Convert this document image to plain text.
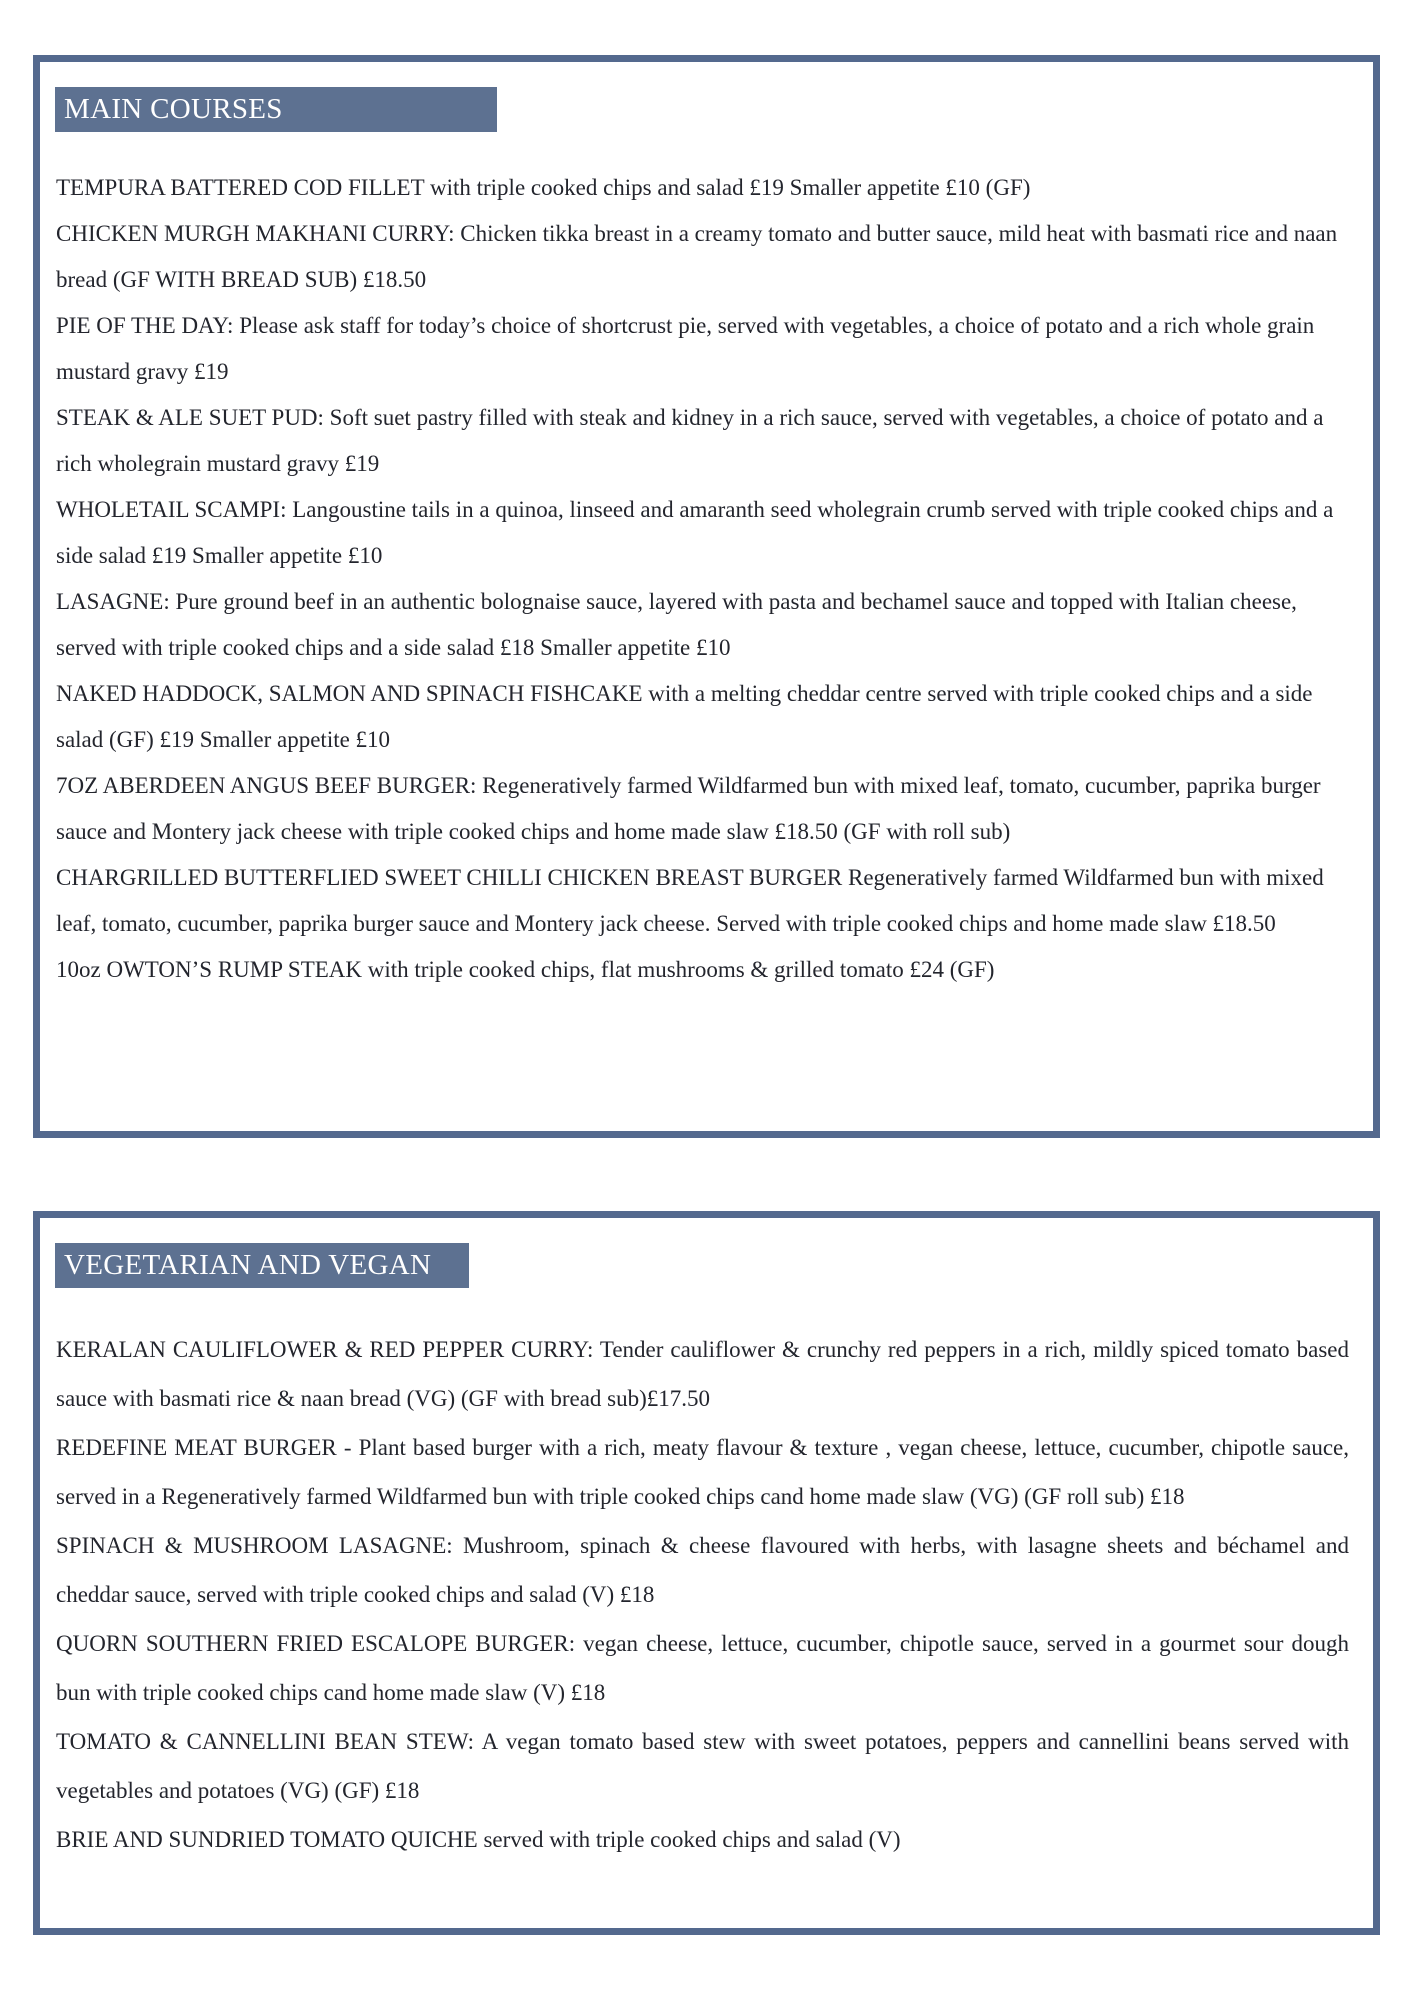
MAIN COURSES

TEMPURA BATTERED COD FILLET with triple cooked chips and salad £19 Smaller appetite £10 (GF)

CHICKEN MURGH MAKHANI CURRY: Chicken tikka breast in a creamy tomato and butter sauce, mild heat with basmati rice and naan bread (GF WITH BREAD SUB) £18.50

PIE OF THE DAY: Please ask staff for today’s choice of shortcrust pie, served with vegetables, a choice of potato and a rich whole grain mustard gravy £19

STEAK & ALE SUET PUD: Soft suet pastry filled with steak and kidney in a rich sauce, served with vegetables, a choice of potato and a rich wholegrain mustard gravy £19

WHOLETAIL SCAMPI: Langoustine tails in a quinoa, linseed and amaranth seed wholegrain crumb served with triple cooked chips and a side salad £19 Smaller appetite £10

LASAGNE: Pure ground beef in an authentic bolognaise sauce, layered with pasta and bechamel sauce and topped with Italian cheese, served with triple cooked chips and a side salad £18 Smaller appetite £10

NAKED HADDOCK, SALMON AND SPINACH FISHCAKE with a melting cheddar centre served with triple cooked chips and a side salad (GF) £19 Smaller appetite £10

7OZ ABERDEEN ANGUS BEEF BURGER: Regeneratively farmed Wildfarmed bun with mixed leaf, tomato, cucumber, paprika burger sauce and Montery jack cheese with triple cooked chips and home made slaw £18.50 (GF with roll sub)

CHARGRILLED BUTTERFLIED SWEET CHILLI CHICKEN BREAST BURGER Regeneratively farmed Wildfarmed bun with mixed leaf, tomato, cucumber, paprika burger sauce and Montery jack cheese. Served with triple cooked chips and home made slaw £18.50

10oz OWTON’S RUMP STEAK with triple cooked chips, flat mushrooms & grilled tomato £24 (GF)

VEGETARIAN AND VEGAN

KERALAN CAULIFLOWER & RED PEPPER CURRY: Tender cauliflower & crunchy red peppers in a rich, mildly spiced tomato based sauce with basmati rice & naan bread (VG) (GF with bread sub)£17.50

REDEFINE MEAT BURGER - Plant based burger with a rich, meaty flavour & texture , vegan cheese, lettuce, cucumber, chipotle sauce, served in a Regeneratively farmed Wildfarmed bun with triple cooked chips cand home made slaw (VG) (GF roll sub) £18

SPINACH & MUSHROOM LASAGNE: Mushroom, spinach & cheese flavoured with herbs, with lasagne sheets and béchamel and cheddar sauce, served with triple cooked chips and salad (V) £18

QUORN SOUTHERN FRIED ESCALOPE BURGER: vegan cheese, lettuce, cucumber, chipotle sauce, served in a gourmet sour dough bun with triple cooked chips cand home made slaw (V) £18

TOMATO & CANNELLINI BEAN STEW: A vegan tomato based stew with sweet potatoes, peppers and cannellini beans served with vegetables and potatoes (VG) (GF) £18

BRIE AND SUNDRIED TOMATO QUICHE served with triple cooked chips and salad (V)
